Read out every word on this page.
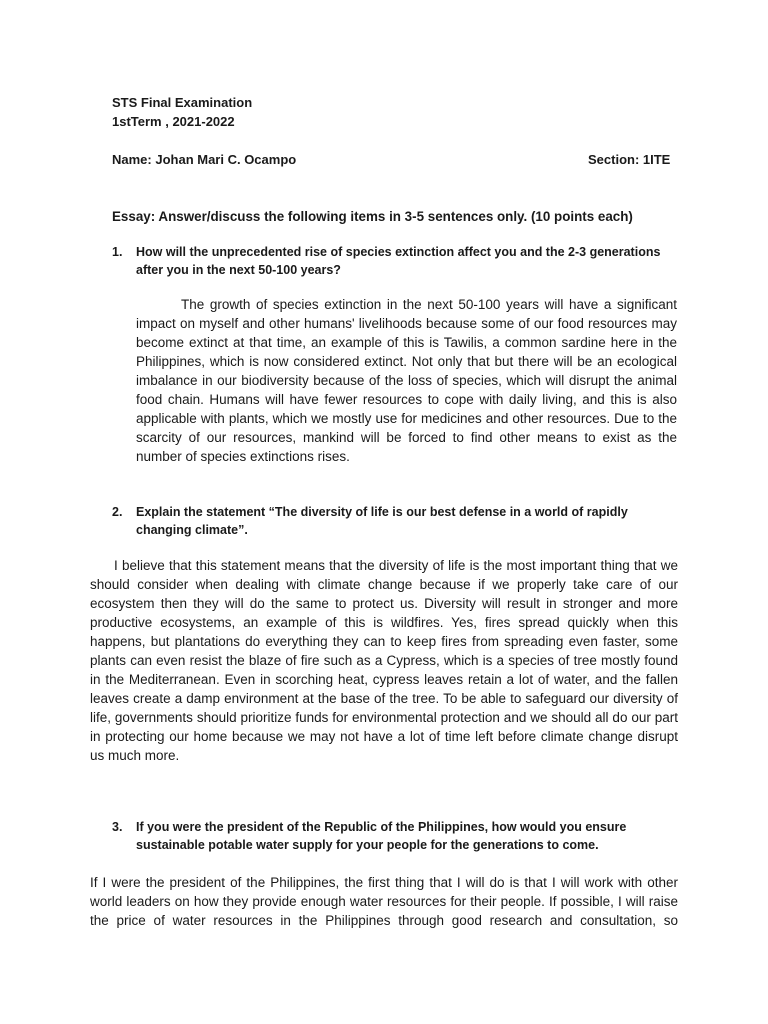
STS Final Examination
1stTerm , 2021-2022
Name: Johan Mari C. Ocampo	Section: 1ITE
Essay: Answer/discuss the following items in 3-5 sentences only. (10 points each)
1. How will the unprecedented rise of species extinction affect you and the 2-3 generations after you in the next 50-100 years?

The growth of species extinction in the next 50-100 years will have a significant impact on myself and other humans' livelihoods because some of our food resources may become extinct at that time, an example of this is Tawilis, a common sardine here in the Philippines, which is now considered extinct. Not only that but there will be an ecological imbalance in our biodiversity because of the loss of species, which will disrupt the animal food chain. Humans will have fewer resources to cope with daily living, and this is also applicable with plants, which we mostly use for medicines and other resources. Due to the scarcity of our resources, mankind will be forced to find other means to exist as the number of species extinctions rises.

2. Explain the statement “The diversity of life is our best defense in a world of rapidly changing climate”.

I believe that this statement means that the diversity of life is the most important thing that we should consider when dealing with climate change because if we properly take care of our ecosystem then they will do the same to protect us. Diversity will result in stronger and more productive ecosystems, an example of this is wildfires. Yes, fires spread quickly when this happens, but plantations do everything they can to keep fires from spreading even faster, some plants can even resist the blaze of fire such as a Cypress, which is a species of tree mostly found in the Mediterranean. Even in scorching heat, cypress leaves retain a lot of water, and the fallen leaves create a damp environment at the base of the tree. To be able to safeguard our diversity of life, governments should prioritize funds for environmental protection and we should all do our part in protecting our home because we may not have a lot of time left before climate change disrupt us much more.

3. If you were the president of the Republic of the Philippines, how would you ensure sustainable potable water supply for your people for the generations to come.

If I were the president of the Philippines, the first thing that I will do is that I will work with other world leaders on how they provide enough water resources for their people. If possible, I will raise the price of water resources in the Philippines through good research and consultation, so
